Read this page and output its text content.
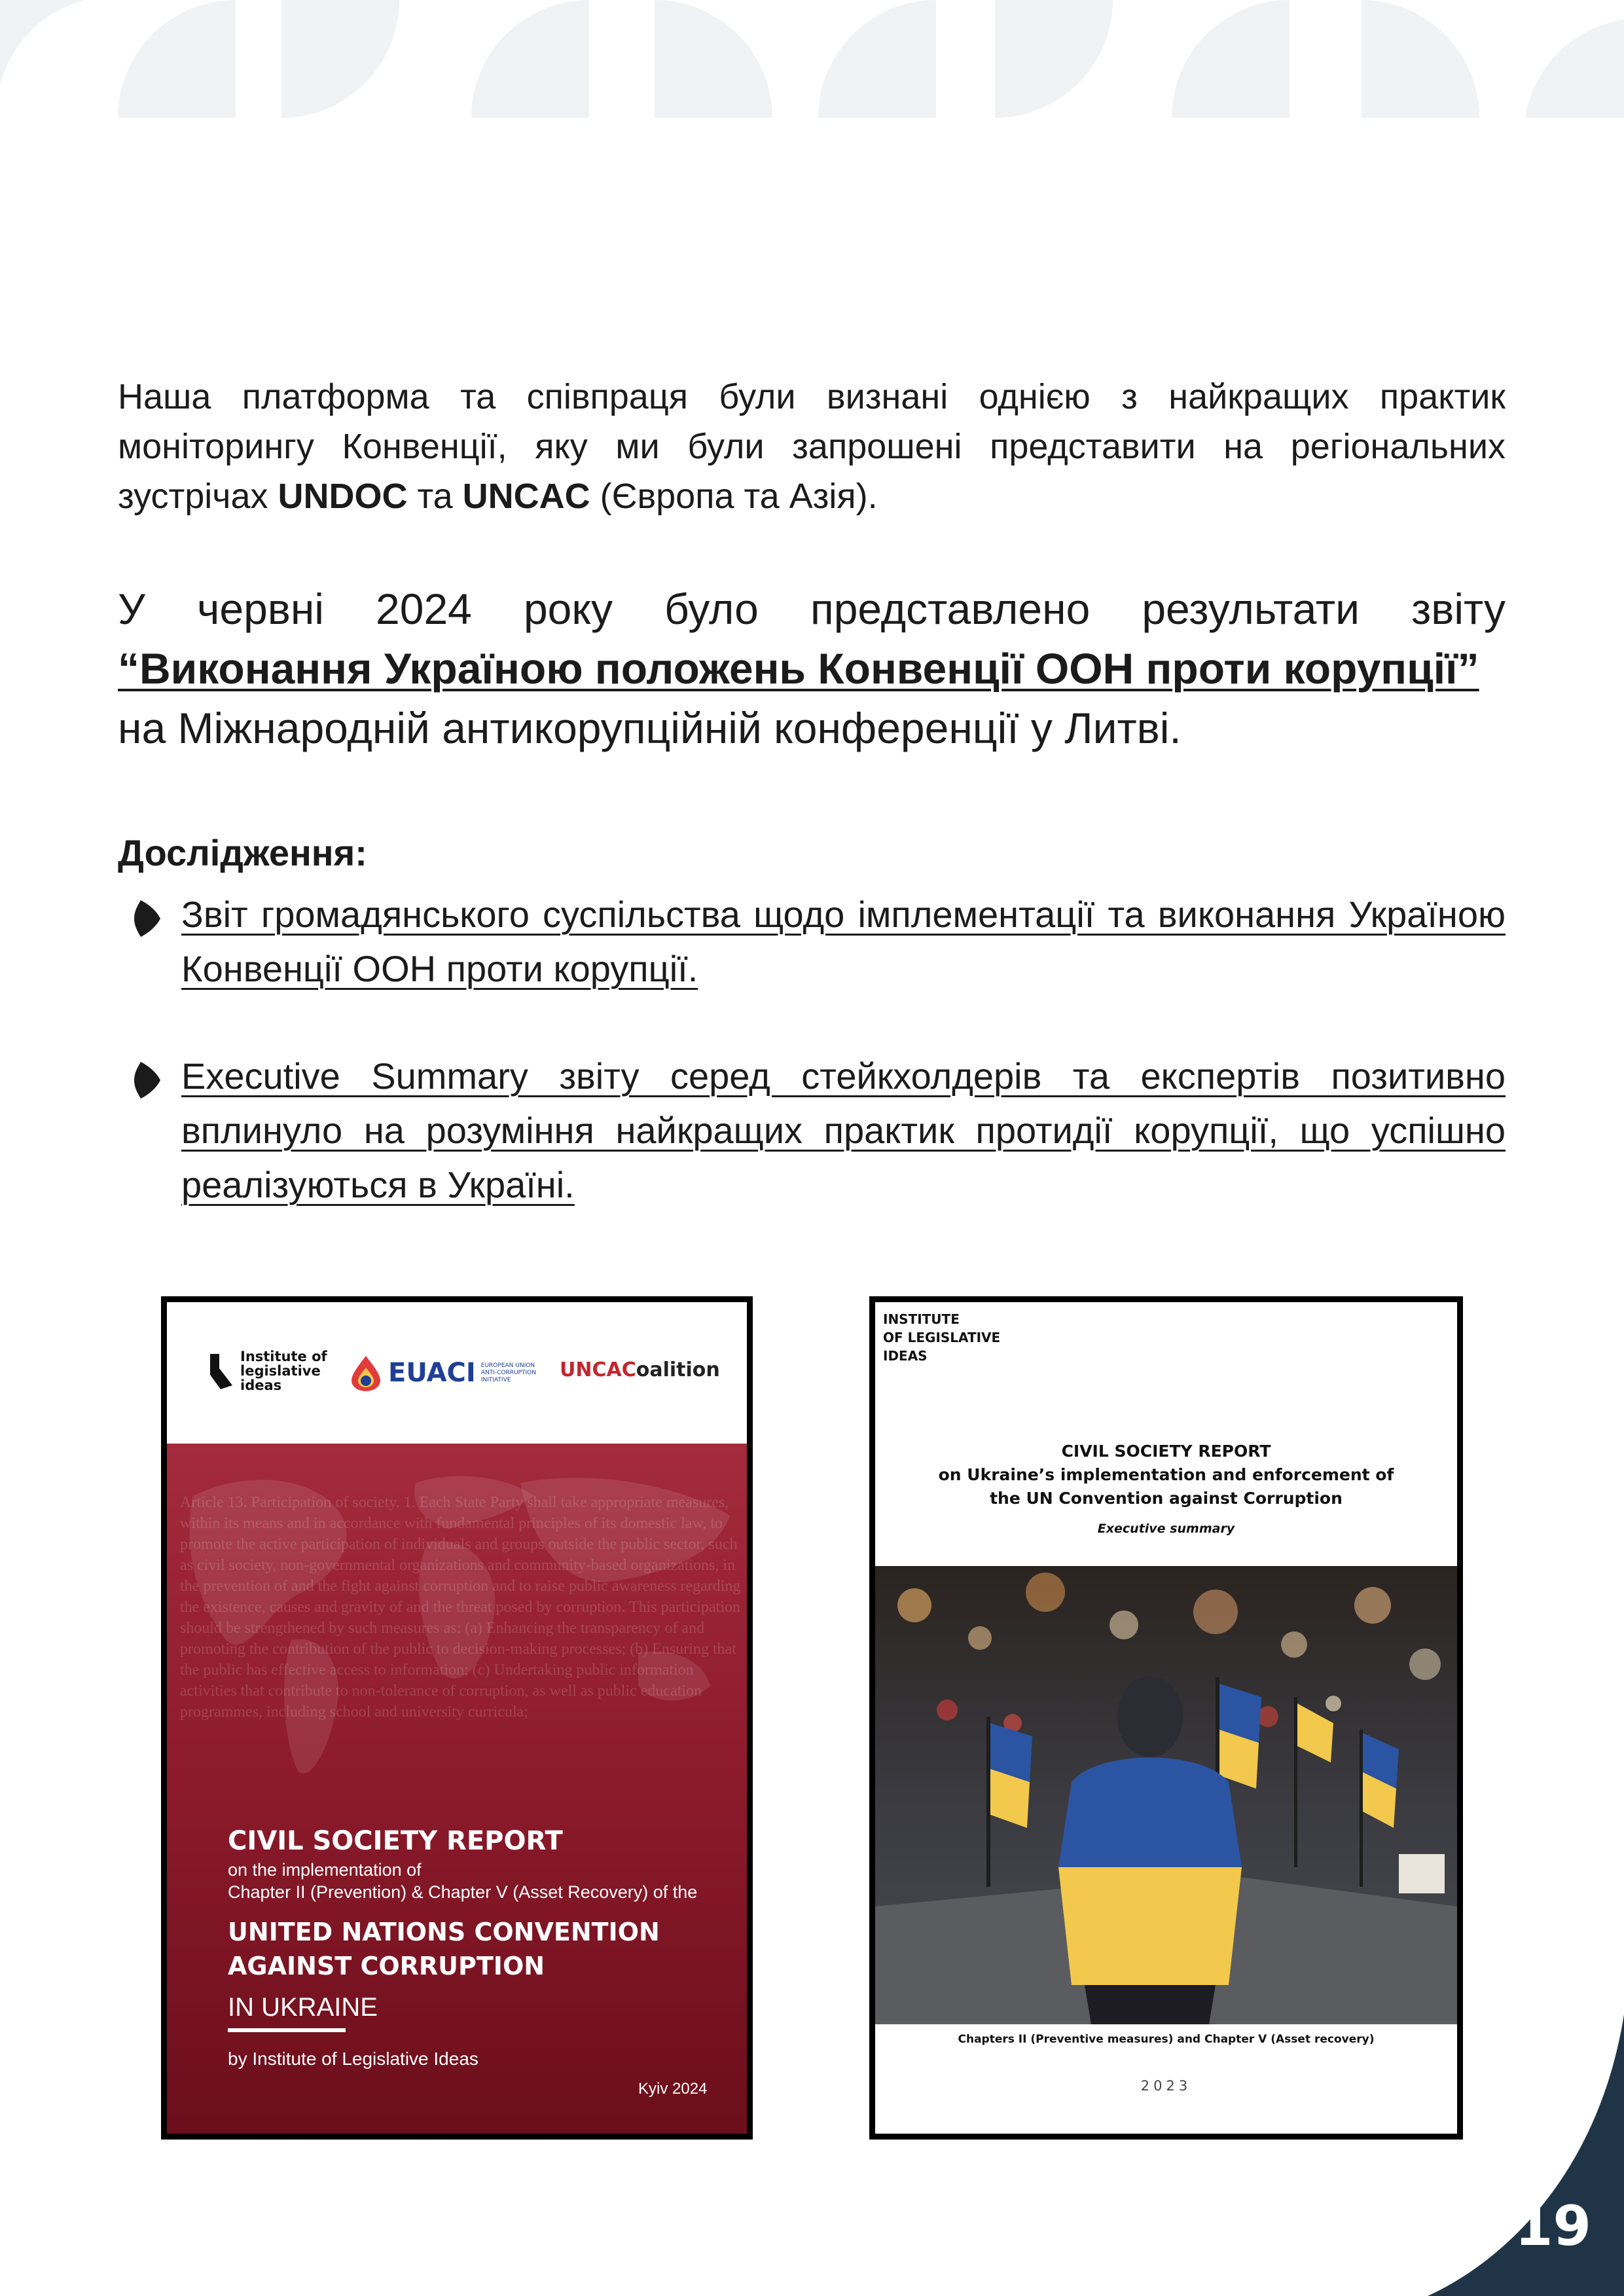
19

Наша платформа та співпраця були визнані однією з найкращих практик моніторингу Конвенції, яку ми були запрошені представити на регіональних зустрічах UNDOC та UNCAC (Європа та Азія).

У червні 2024 року було представлено результати звіту
“Виконання Україною положень Конвенції ООН проти корупції”
на Міжнародній антикорупційній конференції у Литві.
Дослідження:
Звіт громадянського суспільства щодо імплементації та виконання Україною Конвенції ООН проти корупції.
Executive Summary звіту серед стейкхолдерів та експертів позитивно вплинуло на розуміння найкращих практик протидії корупції, що успішно реалізуються в Україні.
Institute of
legislative
ideas	EUACI EUROPEAN UNION
ANTI-CORRUPTION
INITIATIVE	UNCACoalition
Article 13. Participation of society. 1. Each State Party shall take appropriate measures, within its means and in accordance with fundamental principles of its domestic law, to promote the active participation of individuals and groups outside the public sector, such as civil society, non-governmental organizations and community-based organizations, in the prevention of and the fight against corruption and to raise public awareness regarding the existence, causes and gravity of and the threat posed by corruption. This participation should be strengthened by such measures as: (a) Enhancing the transparency of and promoting the contribution of the public to decision-making processes; (b) Ensuring that the public has effective access to information; (c) Undertaking public information activities that contribute to non-tolerance of corruption, as well as public education programmes, including school and university curricula;
CIVIL SOCIETY REPORT
on the implementation of
Chapter II (Prevention) & Chapter V (Asset Recovery) of the
UNITED NATIONS CONVENTION
AGAINST CORRUPTION
IN UKRAINE
by Institute of Legislative Ideas
Kyiv 2024
INSTITUTE
OF LEGISLATIVE
IDEAS
CIVIL SOCIETY REPORT
on Ukraine’s implementation and enforcement of
the UN Convention against Corruption
Executive summary
Chapters II (Preventive measures) and Chapter V (Asset recovery)
2023
